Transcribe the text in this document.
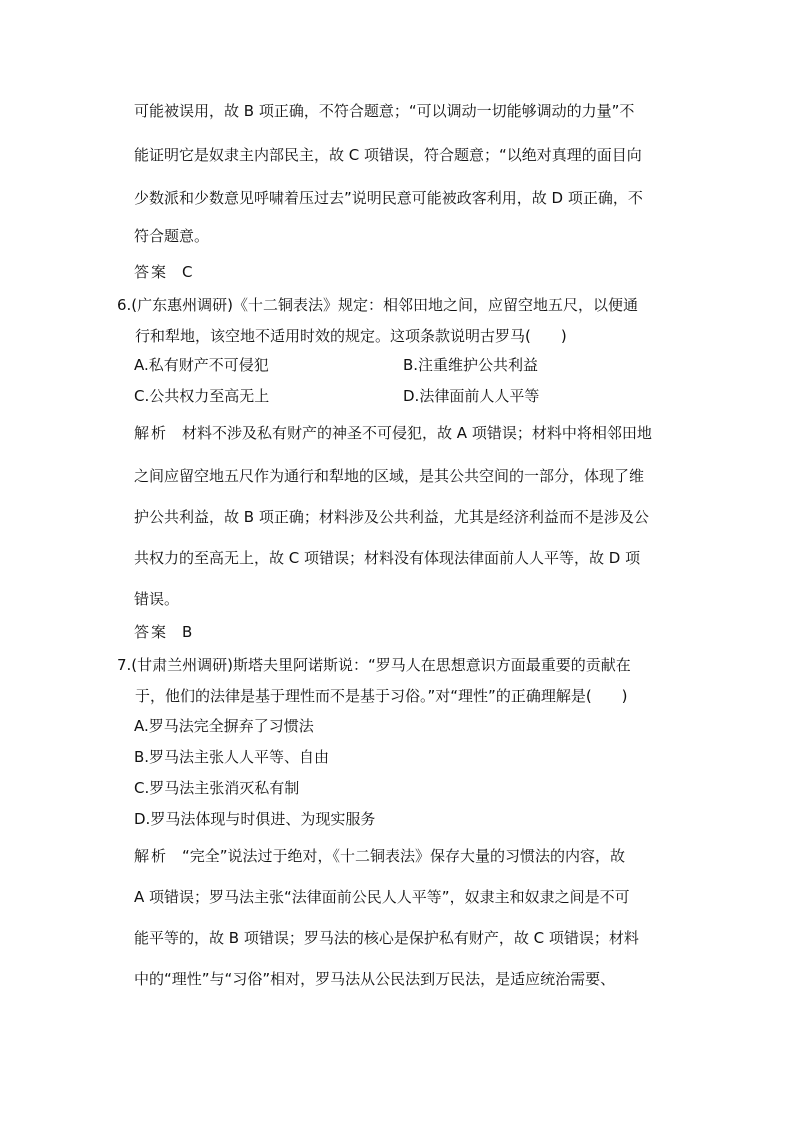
可能被误用，故 B 项正确，不符合题意；“可以调动一切能够调动的力量”不
能证明它是奴隶主内部民主，故 C 项错误，符合题意；“以绝对真理的面目向
少数派和少数意见呼啸着压过去”说明民意可能被政客利用，故 D 项正确，不
符合题意。
答案 C
6.(广东惠州调研)《十二铜表法》规定：相邻田地之间，应留空地五尺，以便通
行和犁地，该空地不适用时效的规定。这项条款说明古罗马(　　)
A.私有财产不可侵犯	B.注重维护公共利益
C.公共权力至高无上	D.法律面前人人平等
解析 材料不涉及私有财产的神圣不可侵犯，故 A 项错误；材料中将相邻田地
之间应留空地五尺作为通行和犁地的区域，是其公共空间的一部分，体现了维
护公共利益，故 B 项正确；材料涉及公共利益，尤其是经济利益而不是涉及公
共权力的至高无上，故 C 项错误；材料没有体现法律面前人人平等，故 D 项
错误。
答案 B
7.(甘肃兰州调研)斯塔夫里阿诺斯说：“罗马人在思想意识方面最重要的贡献在
于，他们的法律是基于理性而不是基于习俗。”对“理性”的正确理解是(　　)
A.罗马法完全摒弃了习惯法
B.罗马法主张人人平等、自由
C.罗马法主张消灭私有制
D.罗马法体现与时俱进、为现实服务
解析 “完全”说法过于绝对，《十二铜表法》保存大量的习惯法的内容，故
A 项错误；罗马法主张“法律面前公民人人平等”，奴隶主和奴隶之间是不可
能平等的，故 B 项错误；罗马法的核心是保护私有财产，故 C 项错误；材料
中的“理性”与“习俗”相对，罗马法从公民法到万民法，是适应统治需要、
